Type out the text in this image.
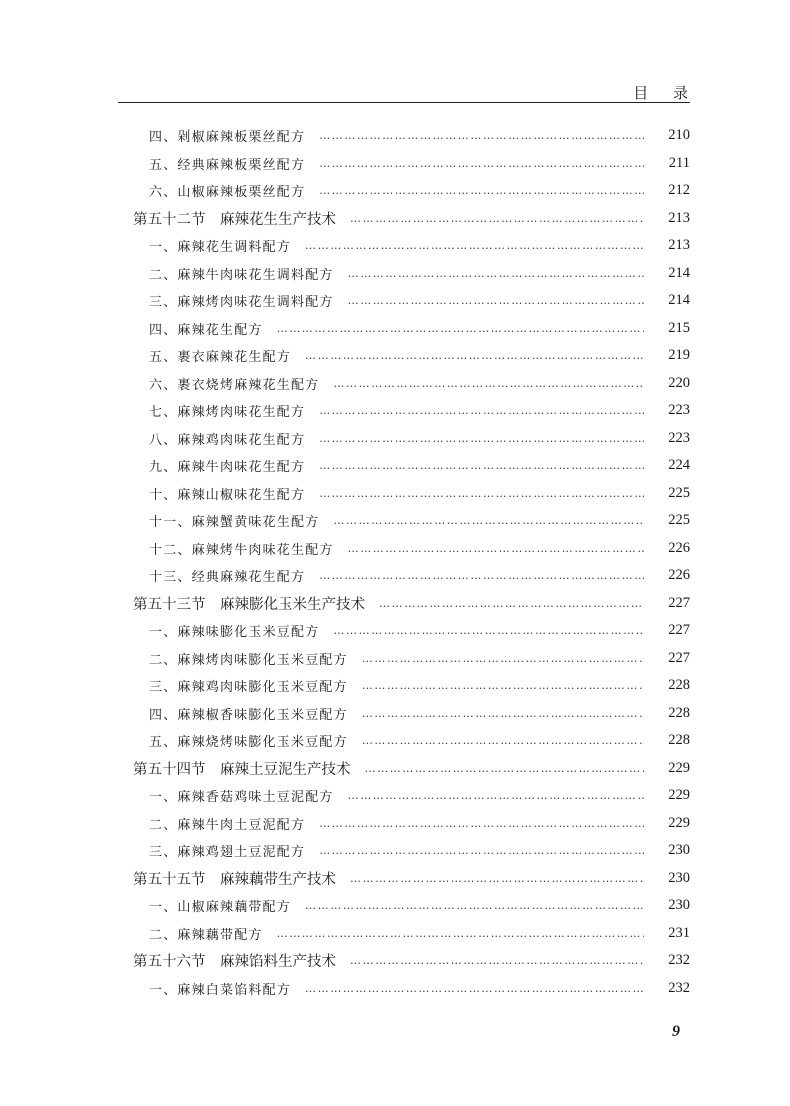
目 录
四、剁椒麻辣板栗丝配方 ……………………………………………………………………………………………………………………	210
五、经典麻辣板栗丝配方 ……………………………………………………………………………………………………………………	211
六、山椒麻辣板栗丝配方 ……………………………………………………………………………………………………………………	212
第五十二节　麻辣花生生产技术 ……………………………………………………………………………………………………………………	213
一、麻辣花生调料配方 ……………………………………………………………………………………………………………………	213
二、麻辣牛肉味花生调料配方 ……………………………………………………………………………………………………………………	214
三、麻辣烤肉味花生调料配方 ……………………………………………………………………………………………………………………	214
四、麻辣花生配方 ……………………………………………………………………………………………………………………	215
五、裹衣麻辣花生配方 ……………………………………………………………………………………………………………………	219
六、裹衣烧烤麻辣花生配方 ……………………………………………………………………………………………………………………	220
七、麻辣烤肉味花生配方 ……………………………………………………………………………………………………………………	223
八、麻辣鸡肉味花生配方 ……………………………………………………………………………………………………………………	223
九、麻辣牛肉味花生配方 ……………………………………………………………………………………………………………………	224
十、麻辣山椒味花生配方 ……………………………………………………………………………………………………………………	225
十一、麻辣蟹黄味花生配方 ……………………………………………………………………………………………………………………	225
十二、麻辣烤牛肉味花生配方 ……………………………………………………………………………………………………………………	226
十三、经典麻辣花生配方 ……………………………………………………………………………………………………………………	226
第五十三节　麻辣膨化玉米生产技术 ……………………………………………………………………………………………………………………	227
一、麻辣味膨化玉米豆配方 ……………………………………………………………………………………………………………………	227
二、麻辣烤肉味膨化玉米豆配方 ……………………………………………………………………………………………………………………	227
三、麻辣鸡肉味膨化玉米豆配方 ……………………………………………………………………………………………………………………	228
四、麻辣椒香味膨化玉米豆配方 ……………………………………………………………………………………………………………………	228
五、麻辣烧烤味膨化玉米豆配方 ……………………………………………………………………………………………………………………	228
第五十四节　麻辣土豆泥生产技术 ……………………………………………………………………………………………………………………	229
一、麻辣香菇鸡味土豆泥配方 ……………………………………………………………………………………………………………………	229
二、麻辣牛肉土豆泥配方 ……………………………………………………………………………………………………………………	229
三、麻辣鸡翅土豆泥配方 ……………………………………………………………………………………………………………………	230
第五十五节　麻辣藕带生产技术 ……………………………………………………………………………………………………………………	230
一、山椒麻辣藕带配方 ……………………………………………………………………………………………………………………	230
二、麻辣藕带配方 ……………………………………………………………………………………………………………………	231
第五十六节　麻辣馅料生产技术 ……………………………………………………………………………………………………………………	232
一、麻辣白菜馅料配方 ……………………………………………………………………………………………………………………	232
9
